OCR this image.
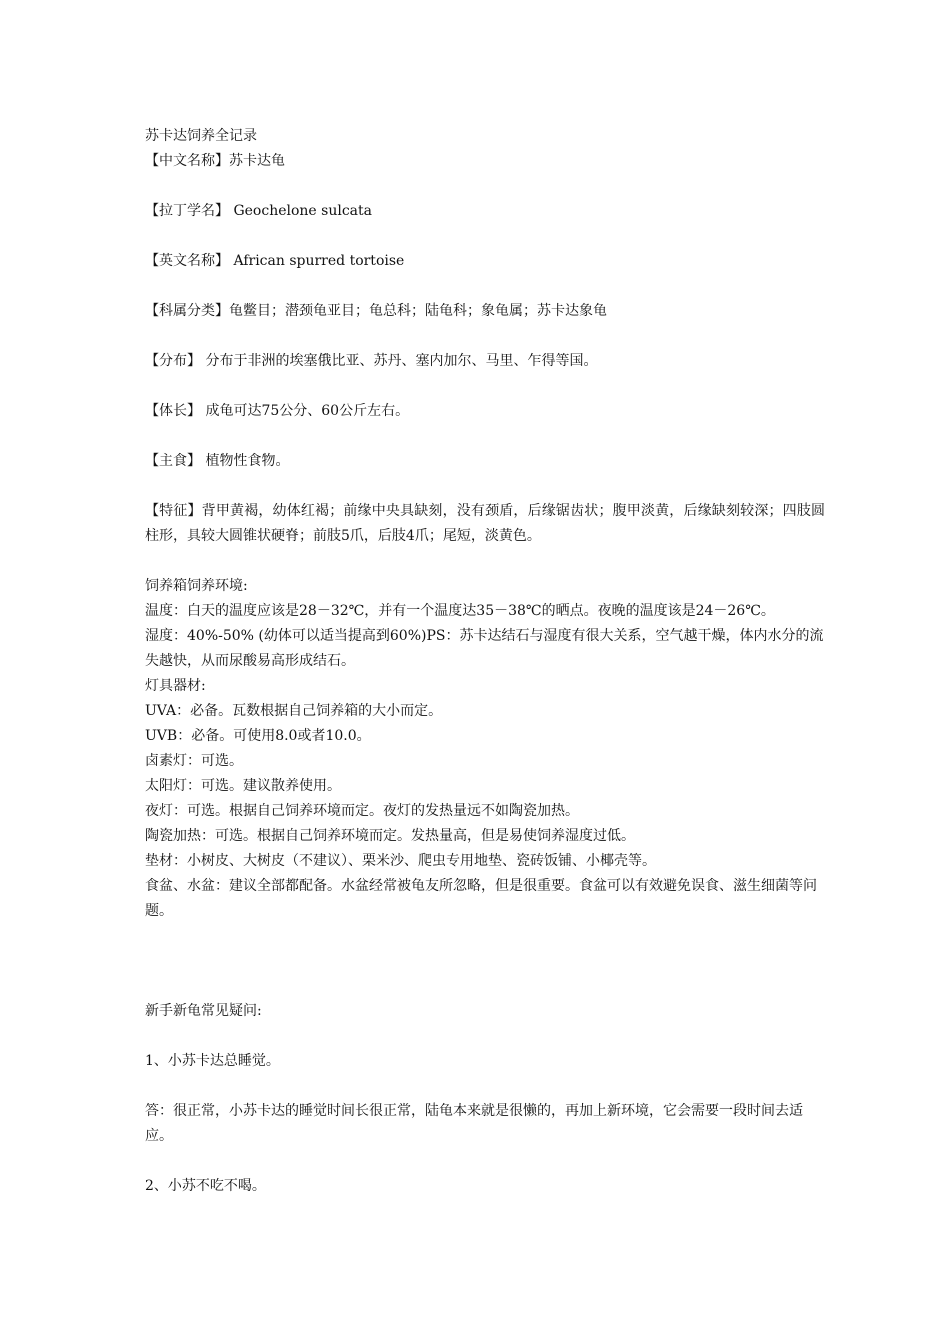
苏卡达饲养全记录
【中文名称】苏卡达龟
【拉丁学名】 Geochelone sulcata
【英文名称】 African spurred tortoise
【科属分类】龟鳖目；潜颈龟亚目；龟总科；陆龟科；象龟属；苏卡达象龟
【分布】 分布于非洲的埃塞俄比亚、苏丹、塞内加尔、马里、乍得等国。
【体长】 成龟可达75公分、60公斤左右。
【主食】 植物性食物。

【特征】背甲黄褐，幼体红褐；前缘中央具缺刻，没有颈盾，后缘锯齿状；腹甲淡黄，后缘缺刻较深；四肢圆柱形，具较大圆锥状硬脊；前肢5爪，后肢4爪；尾短，淡黄色。

饲养箱饲养环境:

温度：白天的温度应该是28－32℃，并有一个温度达35－38℃的晒点。夜晚的温度该是24－26℃。

湿度：40%-50% (幼体可以适当提高到60%)PS：苏卡达结石与湿度有很大关系，空气越干燥，体内水分的流失越快，从而尿酸易高形成结石。

灯具器材:
UVA：必备。瓦数根据自己饲养箱的大小而定。
UVB：必备。可使用8.0或者10.0。
卤素灯：可选。
太阳灯：可选。建议散养使用。
夜灯：可选。根据自己饲养环境而定。夜灯的发热量远不如陶瓷加热。
陶瓷加热：可选。根据自己饲养环境而定。发热量高，但是易使饲养湿度过低。
垫材：小树皮、大树皮（不建议）、栗米沙、爬虫专用地垫、瓷砖饭铺、小椰壳等。

食盆、水盆：建议全部都配备。水盆经常被龟友所忽略，但是很重要。食盆可以有效避免误食、滋生细菌等问题。

新手新龟常见疑问:
1、小苏卡达总睡觉。

答：很正常，小苏卡达的睡觉时间长很正常，陆龟本来就是很懒的，再加上新环境，它会需要一段时间去适应。

2、小苏不吃不喝。
